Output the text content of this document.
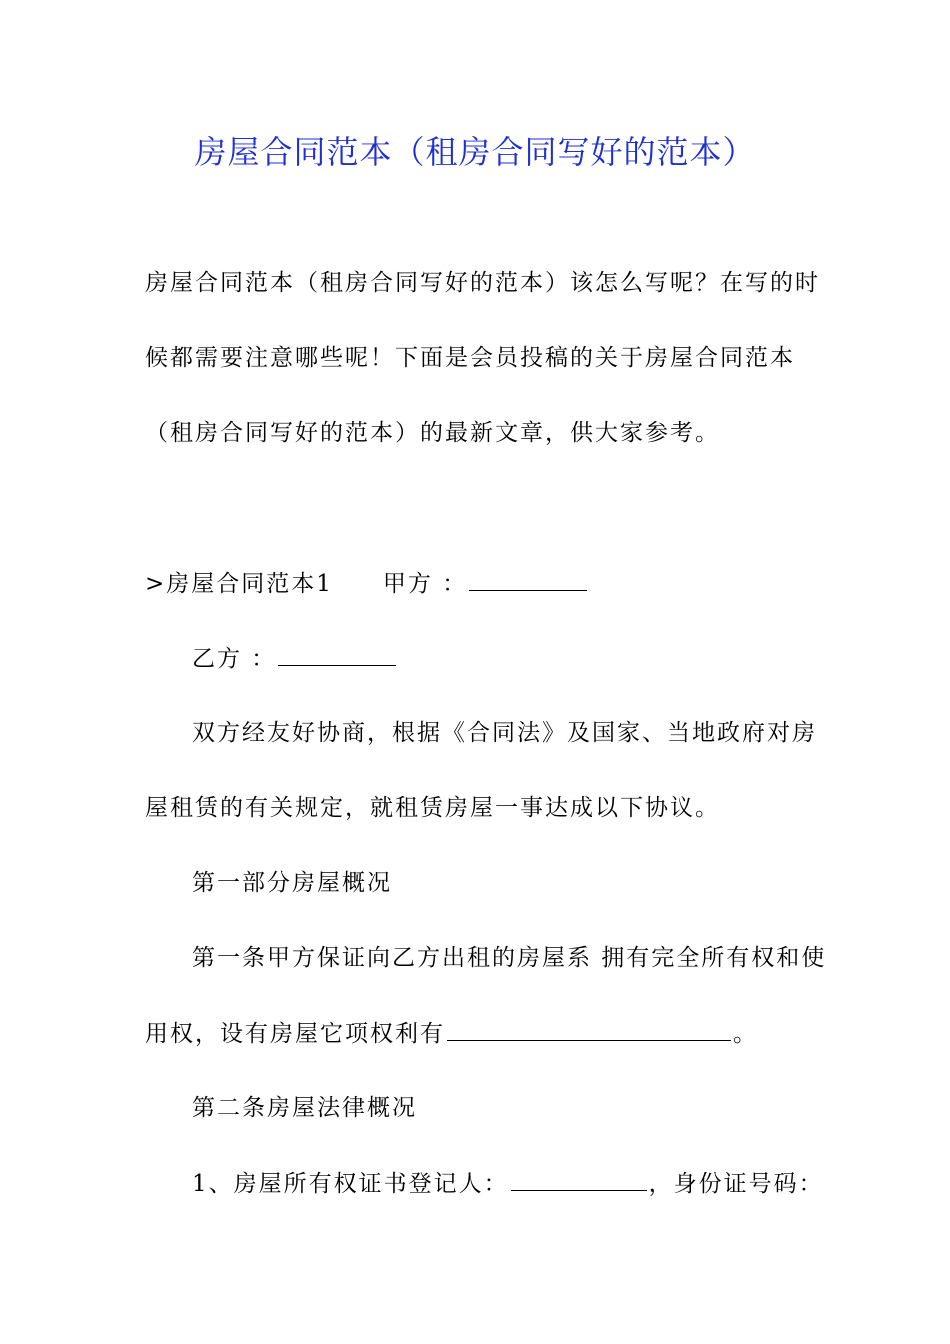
房屋合同范本（租房合同写好的范本）
房屋合同范本（租房合同写好的范本）该怎么写呢？在写的时
候都需要注意哪些呢！下面是会员投稿的关于房屋合同范本
（租房合同写好的范本）的最新文章，供大家参考。
>房屋合同范本1 甲方 ：
乙方 ：
双方经友好协商，根据《合同法》及国家、当地政府对房
屋租赁的有关规定，就租赁房屋一事达成以下协议。
第一部分房屋概况
第一条甲方保证向乙方出租的房屋系 拥有完全所有权和使
用权，设有房屋它项权利有	。
第二条房屋法律概况
1、房屋所有权证书登记人：	，身份证号码：
